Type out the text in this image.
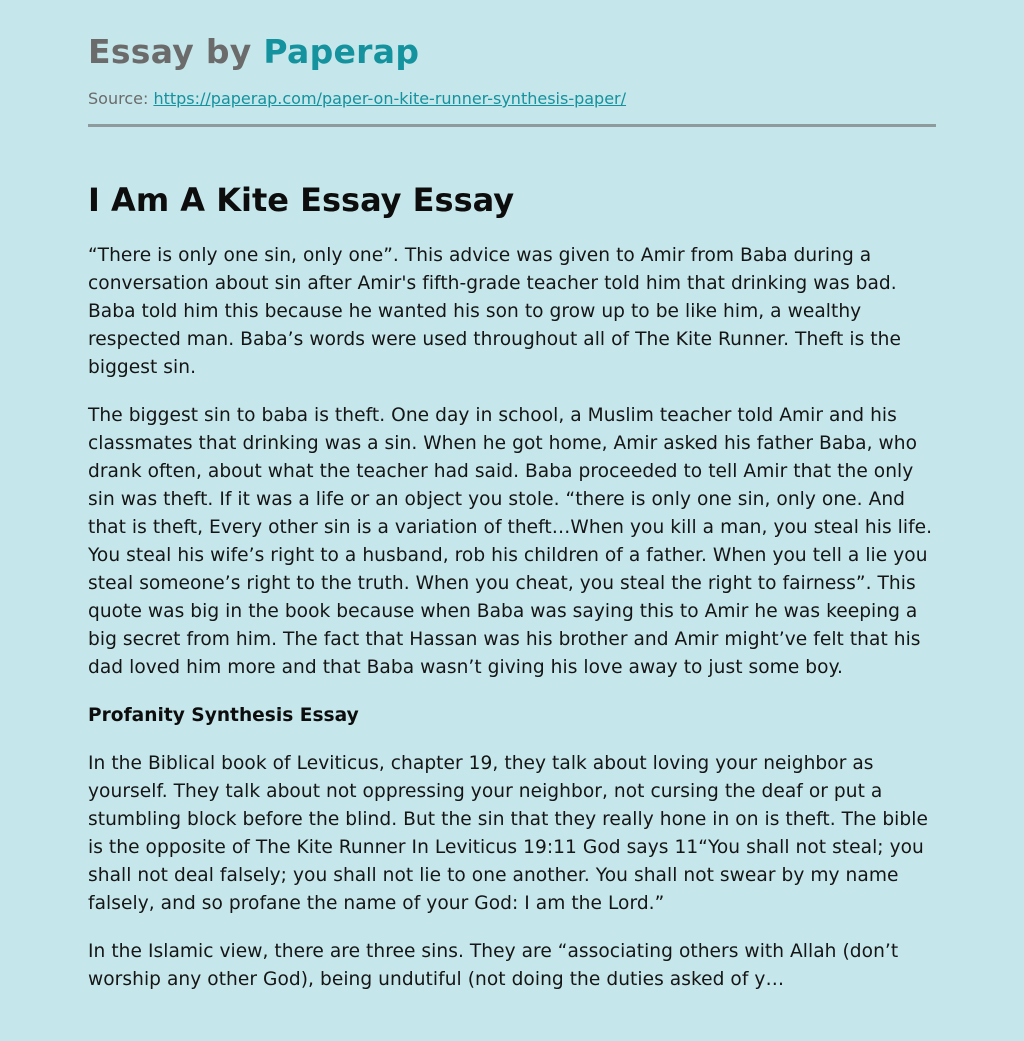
Essay by Paperap
Source: https://paperap.com/paper-on-kite-runner-synthesis-paper/
I Am A Kite Essay Essay

“There is only one sin, only one”. This advice was given to Amir from Baba during a conversation about sin after Amir's fifth-grade teacher told him that drinking was bad. Baba told him this because he wanted his son to grow up to be like him, a wealthy respected man. Baba’s words were used throughout all of The Kite Runner. Theft is the biggest sin.

The biggest sin to baba is theft. One day in school, a Muslim teacher told Amir and his classmates that drinking was a sin. When he got home, Amir asked his father Baba, who drank often, about what the teacher had said. Baba proceeded to tell Amir that the only sin was theft. If it was a life or an object you stole. “there is only one sin, only one. And that is theft, Every other sin is a variation of theft…When you kill a man, you steal his life. You steal his wife’s right to a husband, rob his children of a father. When you tell a lie you steal someone’s right to the truth. When you cheat, you steal the right to fairness”. This quote was big in the book because when Baba was saying this to Amir he was keeping a big secret from him. The fact that Hassan was his brother and Amir might’ve felt that his dad loved him more and that Baba wasn’t giving his love away to just some boy.

Profanity Synthesis Essay

In the Biblical book of Leviticus, chapter 19, they talk about loving your neighbor as yourself. They talk about not oppressing your neighbor, not cursing the deaf or put a stumbling block before the blind. But the sin that they really hone in on is theft. The bible is the opposite of The Kite Runner In Leviticus 19:11 God says 11“You shall not steal; you shall not deal falsely; you shall not lie to one another. You shall not swear by my name falsely, and so profane the name of your God: I am the Lord.”

In the Islamic view, there are three sins. They are “associating others with Allah (don’t worship any other God), being undutiful (not doing the duties asked of y…
